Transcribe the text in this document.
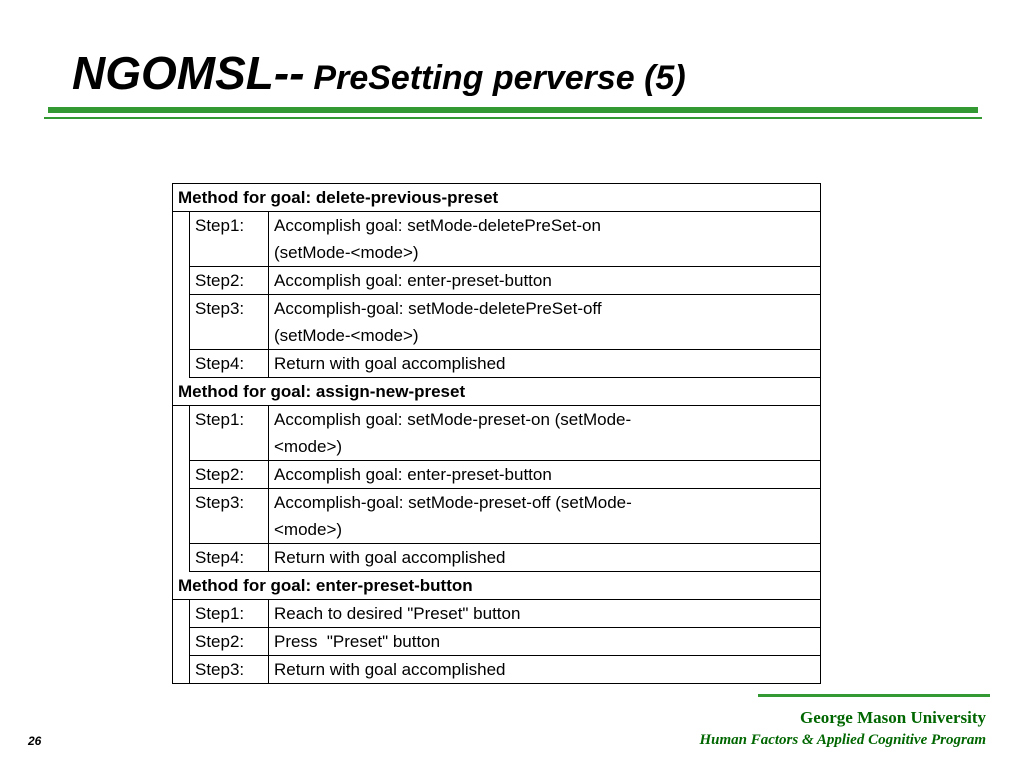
NGOMSL-- PreSetting perverse (5)
Method for goal: delete-previous-preset		
	Step1:	Accomplish goal: setMode-deletePreSet-on
(setMode-<mode>)
	Step2:	Accomplish goal: enter-preset-button
	Step3:	Accomplish-goal: setMode-deletePreSet-off
(setMode-<mode>)
	Step4:	Return with goal accomplished
Method for goal: assign-new-preset		
	Step1:	Accomplish goal: setMode-preset-on (setMode-
<mode>)
	Step2:	Accomplish goal: enter-preset-button
	Step3:	Accomplish-goal: setMode-preset-off (setMode-
<mode>)
	Step4:	Return with goal accomplished
Method for goal: enter-preset-button		
	Step1:	Reach to desired "Preset" button
	Step2:	Press  "Preset" button
	Step3:	Return with goal accomplished
George Mason University
Human Factors & Applied Cognitive Program
26
